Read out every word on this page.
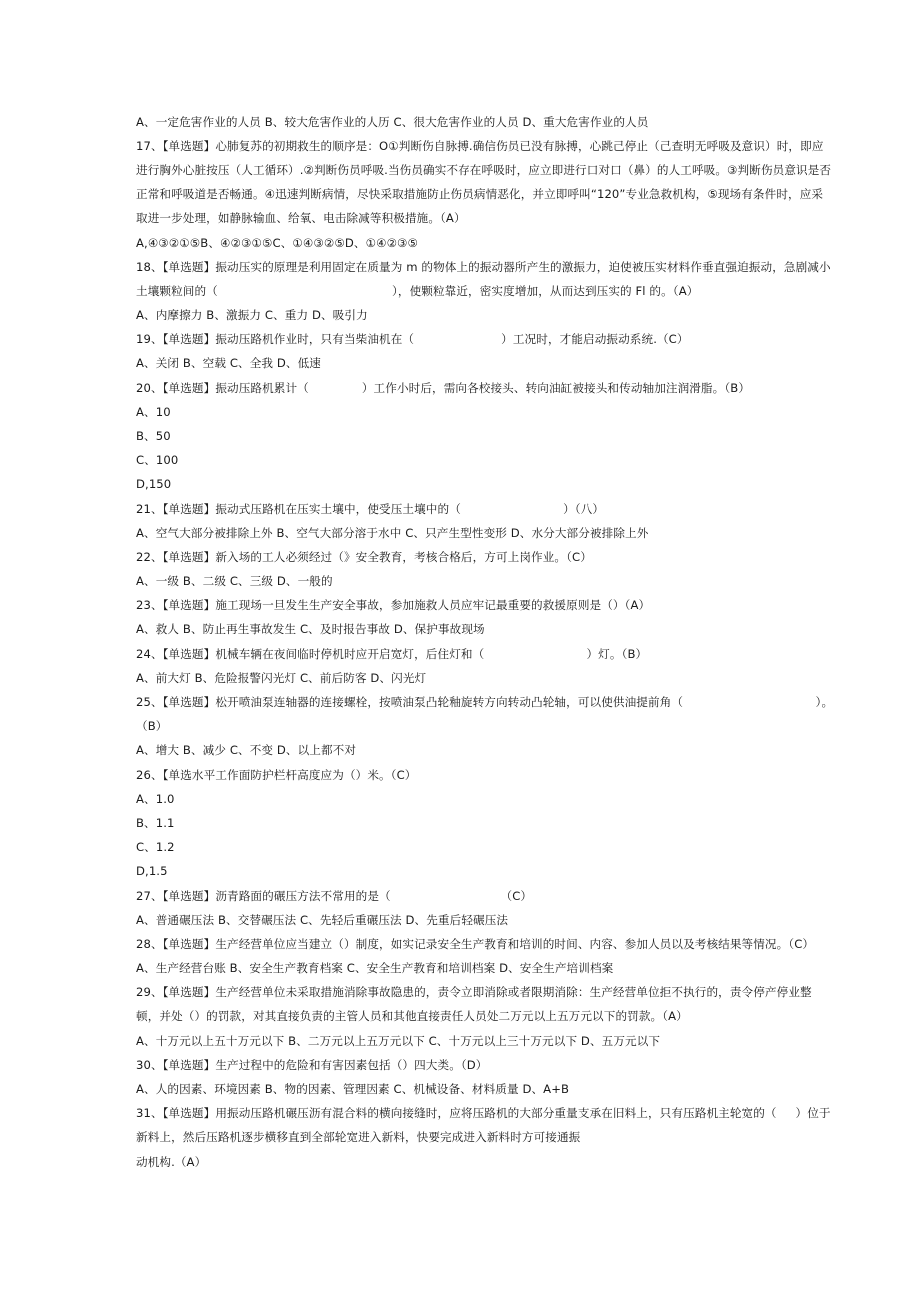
A、一定危害作业的人员 B、较大危害作业的人历 C、很大危害作业的人员 D、重大危害作业的人员
17、【单选题】心肺复苏的初期救生的顺序是：O①判断伤自脉搏.确信伤员已没有脉搏，心跳己停止（己查明无呼吸及意识）时，即应
进行胸外心脏按压（人工循环）.②判断伤员呼吸.当伤员确实不存在呼吸时，应立即进行口对口（鼻）的人工呼吸。③判断伤员意识是否
正常和呼吸道是否畅通。④迅速判断病情，尽快采取措施防止伤员病情恶化，并立即呼叫“120”专业急救机构，⑤现场有条件时，应采
取进一步处理，如静脉输血、给氧、电击除减等积极措施。（A）
A,④③②①⑤B、④②③①⑤C、①④③②⑤D、①④②③⑤
18、【单选题】振动压实的原理是利用固定在质量为 m 的物体上的振动器所产生的激振力，迫使被压实材料作垂直强迫振动，急剧减小
土壤颗粒间的（                                              ），使颗粒靠近，密实度增加，从而达到压实的 Fl 的。（A）
A、内摩擦力 B、激振力 C、重力 D、吸引力
19、【单选题】振动压路机作业时，只有当柴油机在（                       ）工况时，才能启动振动系统.（C）
A、关闭 B、空载 C、全我 D、低速
20、【单选题】振动压路机累计（              ）工作小时后，需向各校接头、转向油缸被接头和传动轴加注润滑脂。（B）
A、10
B、50
C、100
D,150
21、【单选题】振动式压路机在压实土壤中，使受压土壤中的（                           ）（八）
A、空气大部分被排除上外 B、空气大部分溶于水中 C、只产生型性变形 D、水分大部分被排除上外
22、【单选题】新入场的工人必须经过（》安全教育，考核合格后，方可上岗作业。（C）
A、一级 B、二级 C、三级 D、一般的
23、【单选题】施工现场一旦发生生产安全事故，参加施救人员应牢记最重要的救援原则是（）（A）
A、救人 B、防止再生事故发生 C、及时报告事故 D、保护事故现场
24、【单选题】机械车辆在夜间临时停机时应开启宽灯，后住灯和（                           ）灯。（B）
A、前大灯 B、危险报警闪光灯 C、前后防客 D、闪光灯
25、【单选题】松开喷油泵连轴器的连接螺栓，按喷油泵凸轮釉旋转方向转动凸轮轴，可以使供油提前角（                                   ）。
（B）
A、增大 B、减少 C、不变 D、以上都不对
26、【单选水平工作面防护栏杆高度应为（）米。（C）
A、1.0
B、1.1
C、1.2
D,1.5
27、【单选题】沥青路面的碾压方法不常用的是（                             （C）
A、普通碾压法 B、交替碾压法 C、先轻后重碾压法 D、先重后轻碾压法
28、【单选题】生产经营单位应当建立（）制度，如实记录安全生产教育和培训的时间、内容、参加人员以及考核结果等情况。（C）
A、生产经营台账 B、安全生产教育档案 C、安全生产教育和培训档案 D、安全生产培训档案
29、【单选题】生产经营单位未采取措施消除事故隐患的，责令立即消除或者限期消除：生产经营单位拒不执行的，责令停产停业整
顿，并处（）的罚款，对其直接负责的主管人员和其他直接责任人员处二万元以上五万元以下的罚款。（A）
A、十万元以上五十万元以下 B、二万元以上五万元以下 C、十万元以上三十万元以下 D、五万元以下
30、【单选题】生产过程中的危险和有害因素包括（）四大类。（D）
A、人的因素、环境因素 B、物的因素、管理因素 C、机械设备、材料质量 D、A+B
31、【单选题】用振动压路机碾压沥有混合料的横向接缝时，应将压路机的大部分重量支承在旧料上，只有压路机主轮宽的（     ）位于
新料上，然后压路机逐步横移直到全部轮宽进入新料，快要完成进入新料时方可接通振
动机构.（A）
